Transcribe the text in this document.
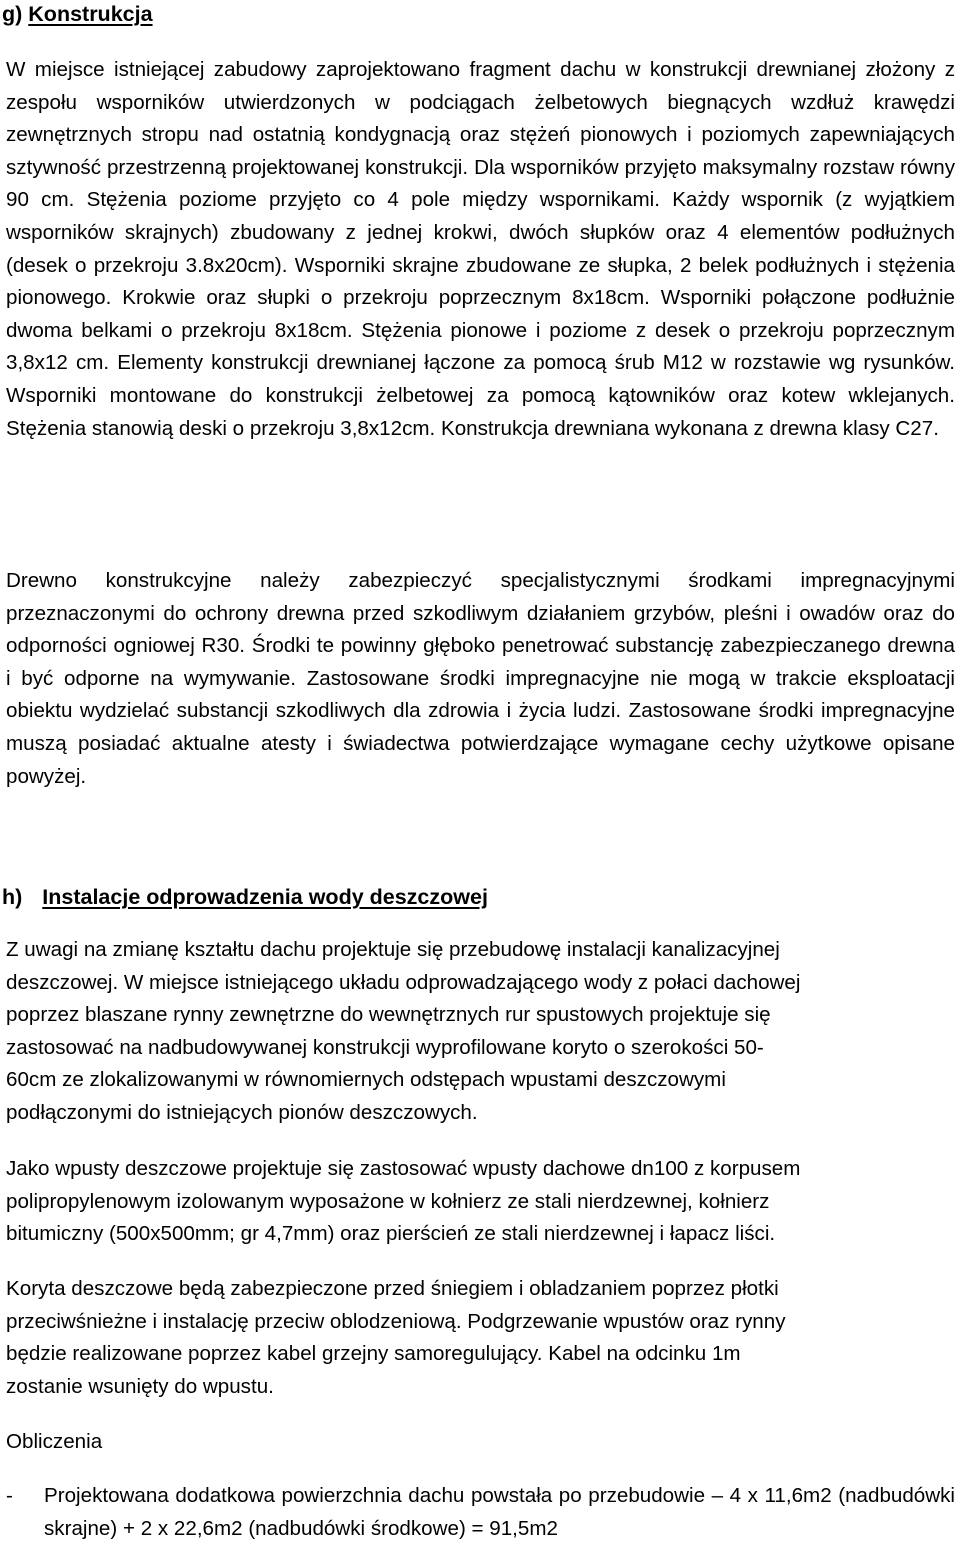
g) Konstrukcja

W miejsce istniejącej zabudowy zaprojektowano fragment dachu w konstrukcji drewnianej złożony z zespołu wsporników utwierdzonych w podciągach żelbetowych biegnących wzdłuż krawędzi zewnętrznych stropu nad ostatnią kondygnacją oraz stężeń pionowych i poziomych zapewniających sztywność przestrzenną projektowanej konstrukcji. Dla wsporników przyjęto maksymalny rozstaw równy 90 cm. Stężenia poziome przyjęto co 4 pole między wspornikami. Każdy wspornik (z wyjątkiem wsporników skrajnych) zbudowany z jednej krokwi, dwóch słupków oraz 4 elementów podłużnych (desek o przekroju 3.8x20cm). Wsporniki skrajne zbudowane ze słupka, 2 belek podłużnych i stężenia pionowego. Krokwie oraz słupki o przekroju poprzecznym 8x18cm. Wsporniki połączone podłużnie dwoma belkami o przekroju 8x18cm. Stężenia pionowe i poziome z desek o przekroju poprzecznym 3,8x12 cm. Elementy konstrukcji drewnianej łączone za pomocą śrub M12 w rozstawie wg rysunków. Wsporniki montowane do konstrukcji żelbetowej za pomocą kątowników oraz kotew wklejanych. Stężenia stanowią deski o przekroju 3,8x12cm. Konstrukcja drewniana wykonana z drewna klasy C27.

Drewno konstrukcyjne należy zabezpieczyć specjalistycznymi środkami impregnacyjnymi przeznaczonymi do ochrony drewna przed szkodliwym działaniem grzybów, pleśni i owadów oraz do odporności ogniowej R30. Środki te powinny głęboko penetrować substancję zabezpieczanego drewna i być odporne na wymywanie. Zastosowane środki impregnacyjne nie mogą w trakcie eksploatacji obiektu wydzielać substancji szkodliwych dla zdrowia i życia ludzi. Zastosowane środki impregnacyjne muszą posiadać aktualne atesty i świadectwa potwierdzające wymagane cechy użytkowe opisane powyżej.

h) Instalacje odprowadzenia wody deszczowej
Z uwagi na zmianę kształtu dachu projektuje się przebudowę instalacji kanalizacyjnej
deszczowej. W miejsce istniejącego układu odprowadzającego wody z połaci dachowej
poprzez blaszane rynny zewnętrzne do wewnętrznych rur spustowych projektuje się
zastosować na nadbudowywanej konstrukcji wyprofilowane koryto o szerokości 50-
60cm ze zlokalizowanymi w równomiernych odstępach wpustami deszczowymi
podłączonymi do istniejących pionów deszczowych.
Jako wpusty deszczowe projektuje się zastosować wpusty dachowe dn100 z korpusem
polipropylenowym izolowanym wyposażone w kołnierz ze stali nierdzewnej, kołnierz
bitumiczny (500x500mm; gr 4,7mm) oraz pierścień ze stali nierdzewnej i łapacz liści.
Koryta deszczowe będą zabezpieczone przed śniegiem i obladzaniem poprzez płotki
przeciwśnieżne i instalację przeciw oblodzeniową. Podgrzewanie wpustów oraz rynny
będzie realizowane poprzez kabel grzejny samoregulujący. Kabel na odcinku 1m
zostanie wsunięty do wpustu.
Obliczenia
- Projektowana dodatkowa powierzchnia dachu powstała po przebudowie – 4 x 11,6m2 (nadbudówki skrajne) + 2 x 22,6m2 (nadbudówki środkowe) = 91,5m2
